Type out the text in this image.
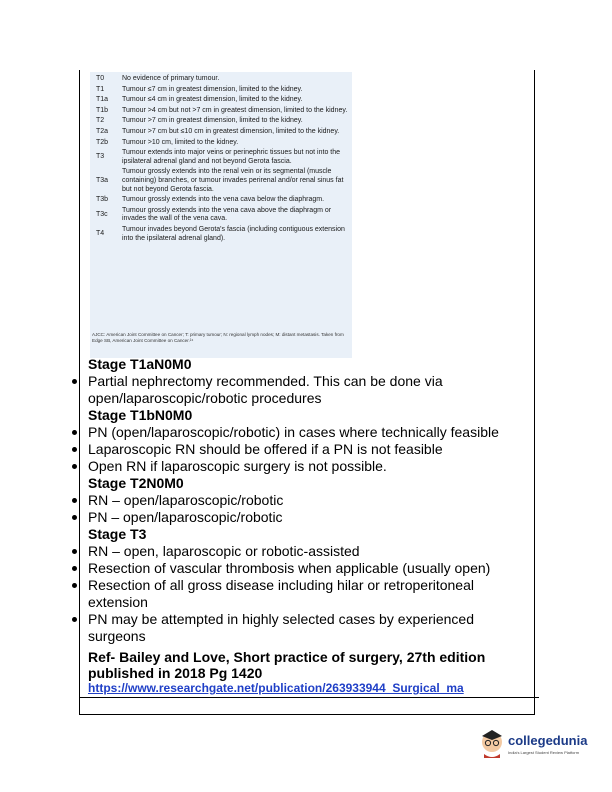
T0	No evidence of primary tumour.
T1	Tumour ≤7 cm in greatest dimension, limited to the kidney.
T1a	Tumour ≤4 cm in greatest dimension, limited to the kidney.
T1b	Tumour >4 cm but not >7 cm in greatest dimension, limited to the kidney.
T2	Tumour >7 cm in greatest dimension, limited to the kidney.
T2a	Tumour >7 cm but ≤10 cm in greatest dimension, limited to the kidney.
T2b	Tumour >10 cm, limited to the kidney.
T3	Tumour extends into major veins or perinephric tissues but not into the ipsilateral adrenal gland and not beyond Gerota fascia.
T3a	Tumour grossly extends into the renal vein or its segmental (muscle containing) branches, or tumour invades perirenal and/or renal sinus fat but not beyond Gerota fascia.
T3b	Tumour grossly extends into the vena cava below the diaphragm.
T3c	Tumour grossly extends into the vena cava above the diaphragm or invades the wall of the vena cava.
T4	Tumour invades beyond Gerota's fascia (including contiguous extension into the ipsilateral adrenal gland).
AJCC: American Joint Committee on Cancer; T: primary tumour; N: regional lymph nodes; M: distant metastasis. Taken from Edge SB, American Joint Committee on Cancer.²⁴
Stage T1aN0M0
Partial nephrectomy recommended. This can be done via open/laparoscopic/robotic procedures
Stage T1bN0M0
PN (open/laparoscopic/robotic) in cases where technically feasible
Laparoscopic RN should be offered if a PN is not feasible
Open RN if laparoscopic surgery is not possible.
Stage T2N0M0
RN – open/laparoscopic/robotic
PN – open/laparoscopic/robotic
Stage T3
RN – open, laparoscopic or robotic-assisted
Resection of vascular thrombosis when applicable (usually open)
Resection of all gross disease including hilar or retroperitoneal extension
PN may be attempted in highly selected cases by experienced surgeons
Ref- Bailey and Love, Short practice of surgery, 27th edition published in 2018 Pg 1420
https://www.researchgate.net/publication/263933944_Surgical_ma
collegedunia
India's Largest Student Review Platform
